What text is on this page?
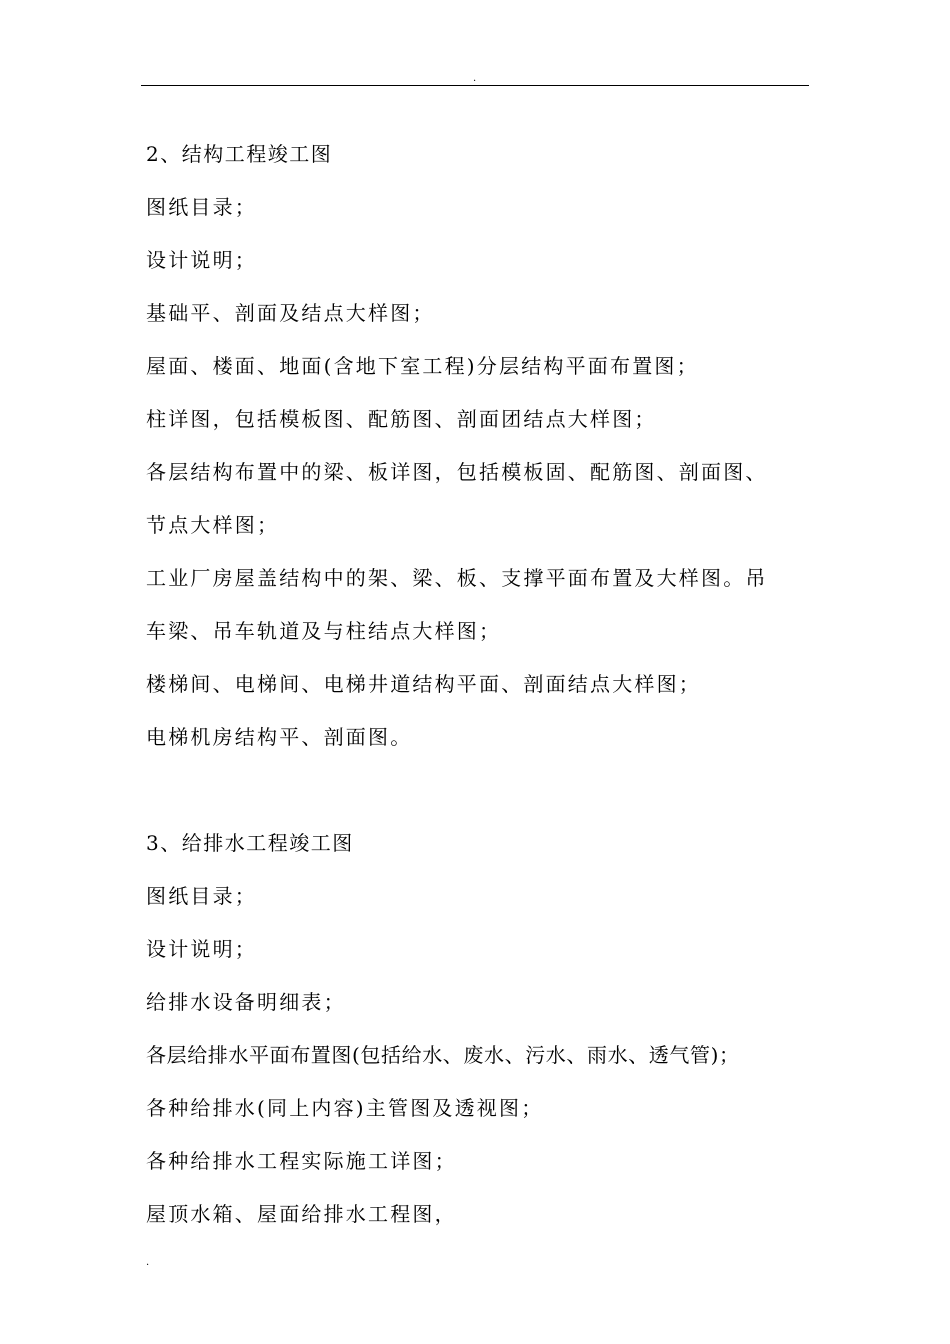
.
2、结构工程竣工图
图纸目录；
设计说明；
基础平、剖面及结点大样图；
屋面、楼面、地面(含地下室工程)分层结构平面布置图；
柱详图，包括模板图、配筋图、剖面团结点大样图；
各层结构布置中的梁、板详图，包括模板固、配筋图、剖面图、
节点大样图；
工业厂房屋盖结构中的架、梁、板、支撑平面布置及大样图。吊
车梁、吊车轨道及与柱结点大样图；
楼梯间、电梯间、电梯井道结构平面、剖面结点大样图；
电梯机房结构平、剖面图。
3、给排水工程竣工图
图纸目录；
设计说明；
给排水设备明细表；
各层给排水平面布置图(包括给水、废水、污水、雨水、透气管)；
各种给排水(同上内容)主管图及透视图；
各种给排水工程实际施工详图；
屋顶水箱、屋面给排水工程图，
.
